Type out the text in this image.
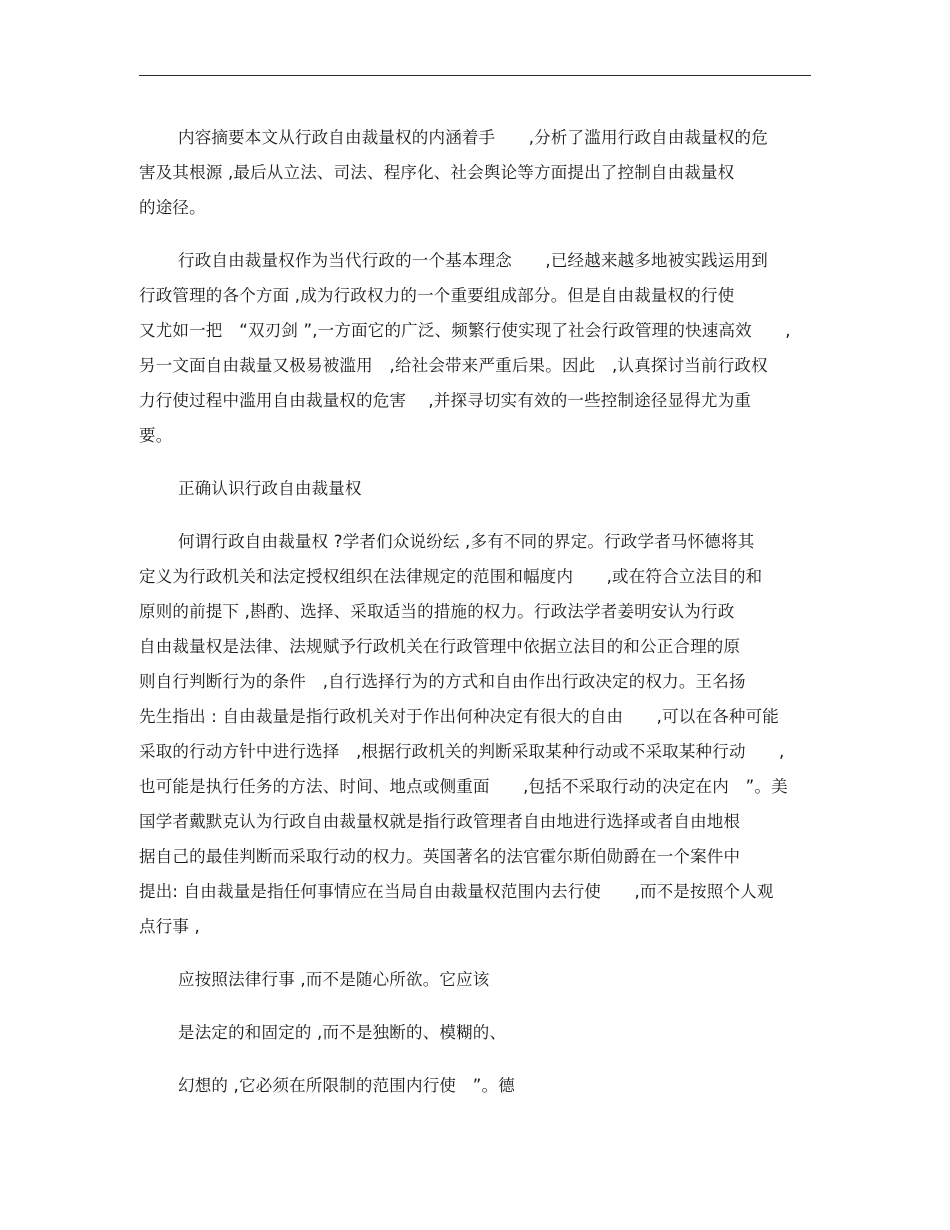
内容摘要本文从行政自由裁量权的内涵着手　　,分析了滥用行政自由裁量权的危
害及其根源 ,最后从立法、司法、程序化、社会舆论等方面提出了控制自由裁量权
的途径。
行政自由裁量权作为当代行政的一个基本理念　　,已经越来越多地被实践运用到
行政管理的各个方面 ,成为行政权力的一个重要组成部分。但是自由裁量权的行使
又尤如一把　“双刃剑 ”,一方面它的广泛、频繁行使实现了社会行政管理的快速高效　　,
另一文面自由裁量又极易被滥用　,给社会带来严重后果。因此　,认真探讨当前行政权
力行使过程中滥用自由裁量权的危害　 ,并探寻切实有效的一些控制途径显得尤为重
要。
正确认识行政自由裁量权
何谓行政自由裁量权 ?学者们众说纷纭 ,多有不同的界定。行政学者马怀德将其
定义为行政机关和法定授权组织在法律规定的范围和幅度内　　,或在符合立法目的和
原则的前提下 ,斟酌、选择、采取适当的措施的权力。行政法学者姜明安认为行政
自由裁量权是法律、法规赋予行政机关在行政管理中依据立法目的和公正合理的原
则自行判断行为的条件　,自行选择行为的方式和自由作出行政决定的权力。王名扬
先生指出 : 自由裁量是指行政机关对于作出何种决定有很大的自由　　,可以在各种可能
采取的行动方针中进行选择　,根据行政机关的判断采取某种行动或不采取某种行动　　,
也可能是执行任务的方法、时间、地点或侧重面　　,包括不采取行动的决定在内　”。美
国学者戴默克认为行政自由裁量权就是指行政管理者自由地进行选择或者自由地根
据自己的最佳判断而采取行动的权力。英国著名的法官霍尔斯伯勋爵在一个案件中
提出: 自由裁量是指任何事情应在当局自由裁量权范围内去行使　　,而不是按照个人观
点行事 ,
应按照法律行事 ,而不是随心所欲。它应该
是法定的和固定的 ,而不是独断的、模糊的、
幻想的 ,它必须在所限制的范围内行使　”。德
